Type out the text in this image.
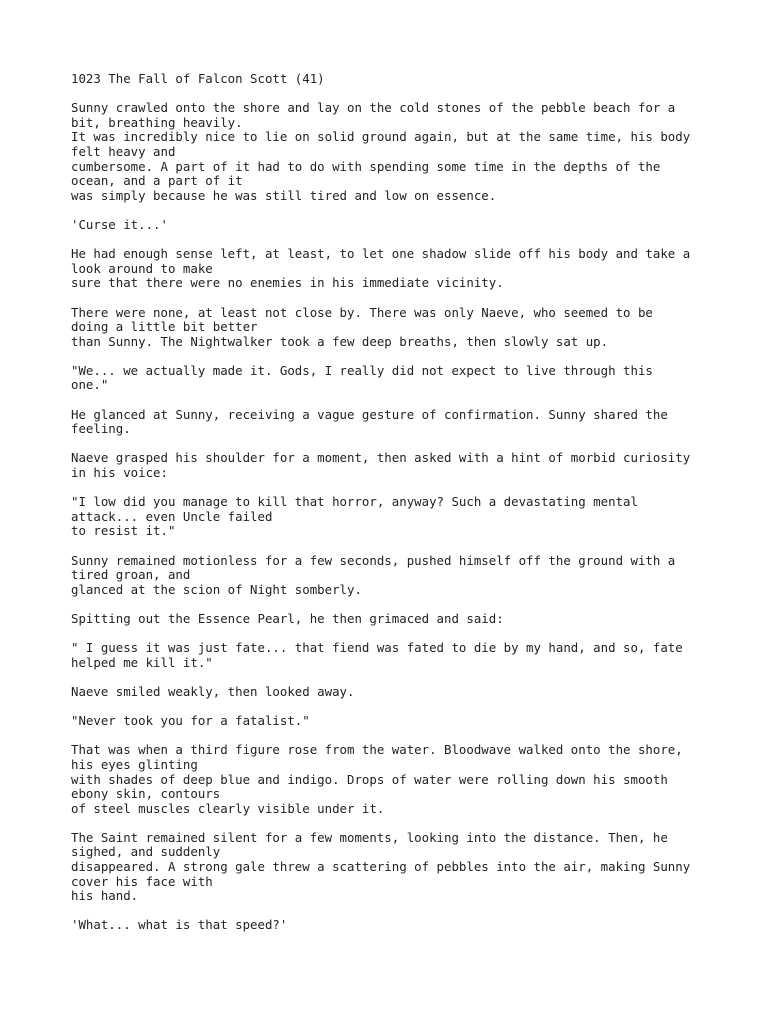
1023 The Fall of Falcon Scott (41)
Sunny crawled onto the shore and lay on the cold stones of the pebble beach for a
bit, breathing heavily.
It was incredibly nice to lie on solid ground again, but at the same time, his body
felt heavy and
cumbersome. A part of it had to do with spending some time in the depths of the
ocean, and a part of it
was simply because he was still tired and low on essence.
'Curse it...'
He had enough sense left, at least, to let one shadow slide off his body and take a
look around to make
sure that there were no enemies in his immediate vicinity.
There were none, at least not close by. There was only Naeve, who seemed to be
doing a little bit better
than Sunny. The Nightwalker took a few deep breaths, then slowly sat up.
"We... we actually made it. Gods, I really did not expect to live through this
one."
He glanced at Sunny, receiving a vague gesture of confirmation. Sunny shared the
feeling.
Naeve grasped his shoulder for a moment, then asked with a hint of morbid curiosity
in his voice:
"I low did you manage to kill that horror, anyway? Such a devastating mental
attack... even Uncle failed
to resist it."
Sunny remained motionless for a few seconds, pushed himself off the ground with a
tired groan, and
glanced at the scion of Night somberly.
Spitting out the Essence Pearl, he then grimaced and said:
" I guess it was just fate... that fiend was fated to die by my hand, and so, fate
helped me kill it."
Naeve smiled weakly, then looked away.
"Never took you for a fatalist."
That was when a third figure rose from the water. Bloodwave walked onto the shore,
his eyes glinting
with shades of deep blue and indigo. Drops of water were rolling down his smooth
ebony skin, contours
of steel muscles clearly visible under it.
The Saint remained silent for a few moments, looking into the distance. Then, he
sighed, and suddenly
disappeared. A strong gale threw a scattering of pebbles into the air, making Sunny
cover his face with
his hand.
'What... what is that speed?'
